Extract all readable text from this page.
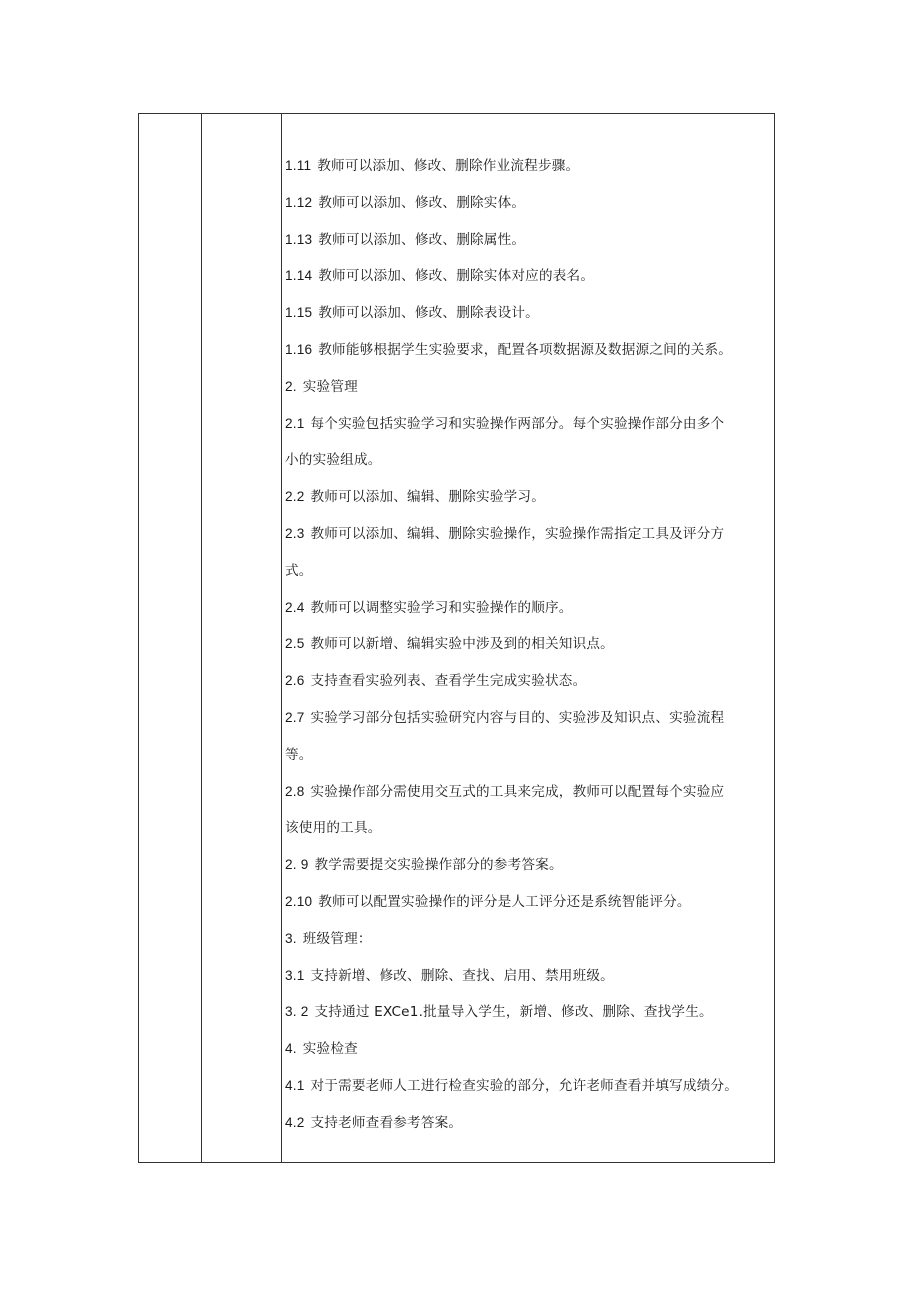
1.11 教师可以添加、修改、删除作业流程步骤。
1.12 教师可以添加、修改、删除实体。
1.13 教师可以添加、修改、删除属性。
1.14 教师可以添加、修改、删除实体对应的表名。
1.15 教师可以添加、修改、删除表设计。
1.16 教师能够根据学生实验要求，配置各项数据源及数据源之间的关系。
2. 实验管理
2.1 每个实验包括实验学习和实验操作两部分。每个实验操作部分由多个
小的实验组成。
2.2 教师可以添加、编辑、删除实验学习。
2.3 教师可以添加、编辑、删除实验操作，实验操作需指定工具及评分方
式。
2.4 教师可以调整实验学习和实验操作的顺序。
2.5 教师可以新增、编辑实验中涉及到的相关知识点。
2.6 支持查看实验列表、查看学生完成实验状态。
2.7 实验学习部分包括实验研究内容与目的、实验涉及知识点、实验流程
等。
2.8 实验操作部分需使用交互式的工具来完成，教师可以配置每个实验应
该使用的工具。
2. 9 教学需要提交实验操作部分的参考答案。
2.10 教师可以配置实验操作的评分是人工评分还是系统智能评分。
3. 班级管理：
3.1 支持新增、修改、删除、查找、启用、禁用班级。
3. 2 支持通过 EXCe1.批量导入学生，新增、修改、删除、查找学生。
4. 实验检查
4.1 对于需要老师人工进行检查实验的部分，允许老师查看并填写成绩分。
4.2 支持老师查看参考答案。
